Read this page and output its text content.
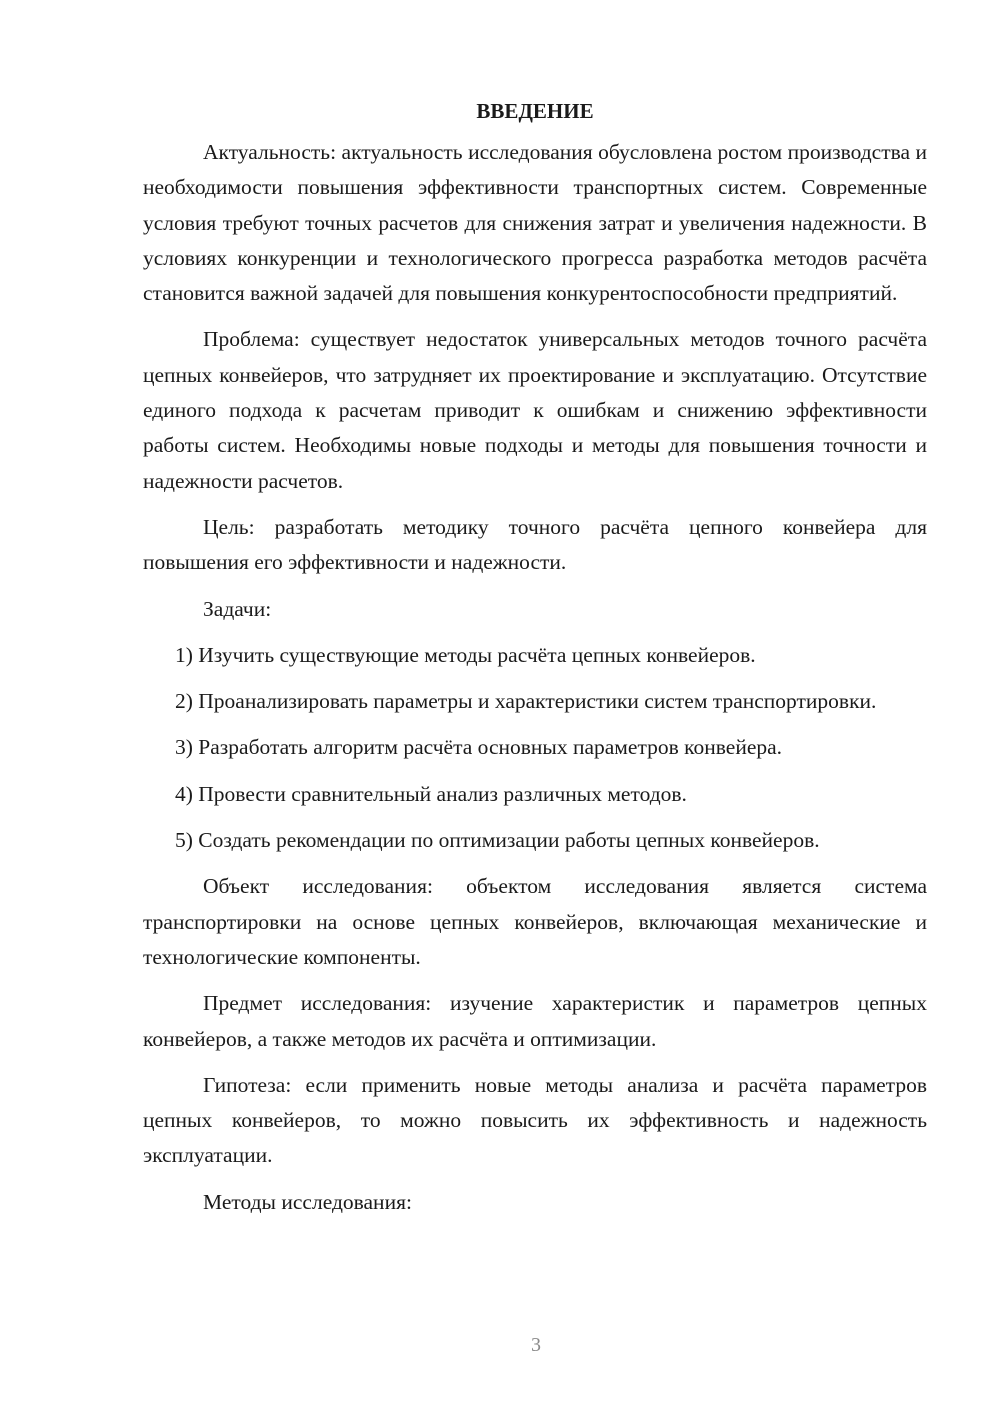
ВВЕДЕНИЕ

Актуальность: актуальность исследования обусловлена ростом производства и необходимости повышения эффективности транспортных систем. Современные условия требуют точных расчетов для снижения затрат и увеличения надежности. В условиях конкуренции и технологического прогресса разработка методов расчёта становится важной задачей для повышения конкурентоспособности предприятий.

Проблема: существует недостаток универсальных методов точного расчёта цепных конвейеров, что затрудняет их проектирование и эксплуатацию. Отсутствие единого подхода к расчетам приводит к ошибкам и снижению эффективности работы систем. Необходимы новые подходы и методы для повышения точности и надежности расчетов.

Цель: разработать методику точного расчёта цепного конвейера для повышения его эффективности и надежности.

Задачи:

1) Изучить существующие методы расчёта цепных конвейеров.

2) Проанализировать параметры и характеристики систем транспортировки.

3) Разработать алгоритм расчёта основных параметров конвейера.

4) Провести сравнительный анализ различных методов.

5) Создать рекомендации по оптимизации работы цепных конвейеров.

Объект исследования: объектом исследования является система транспортировки на основе цепных конвейеров, включающая механические и технологические компоненты.

Предмет исследования: изучение характеристик и параметров цепных конвейеров, а также методов их расчёта и оптимизации.

Гипотеза: если применить новые методы анализа и расчёта параметров цепных конвейеров, то можно повысить их эффективность и надежность эксплуатации.

Методы исследования:

3
